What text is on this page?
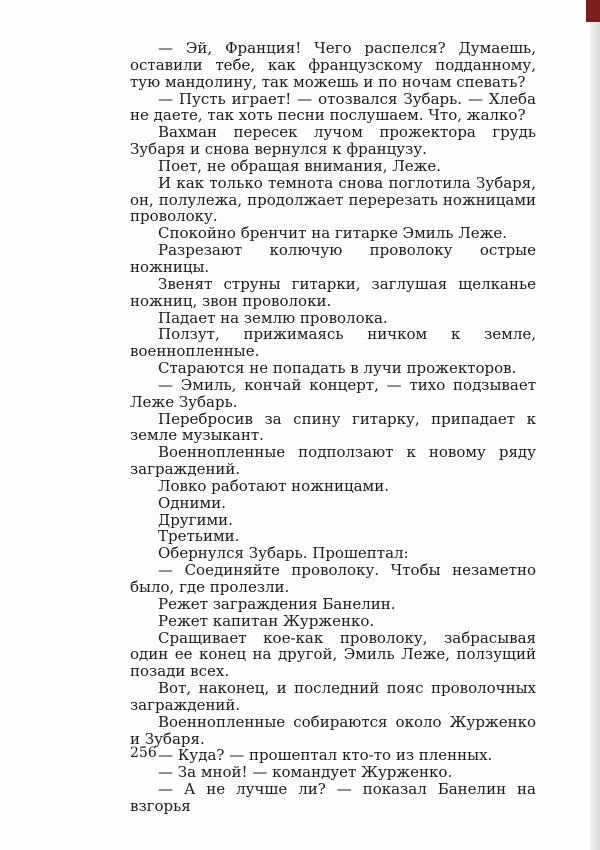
— Эй, Франция! Чего распелся? Думаешь, оставили тебе, как французскому подданному, тую мандолину, так можешь и по ночам спевать?

— Пусть играет! — отозвался Зубарь. — Хлеба не даете, так хоть песни послушаем. Что, жалко?

Вахман пересек лучом прожектора грудь Зубаря и снова вернулся к французу.

Поет, не обращая внимания, Леже.

И как только темнота снова поглотила Зубаря, он, полулежа, продолжает перерезать ножницами проволоку.

Спокойно бренчит на гитарке Эмиль Леже.

Разрезают колючую проволоку острые ножницы.

Звенят струны гитарки, заглушая щелканье ножниц, звон проволоки.

Падает на землю проволока.

Ползут, прижимаясь ничком к земле, военнопленные.

Стараются не попадать в лучи прожекторов.

— Эмиль, кончай концерт, — тихо подзывает Леже Зубарь.

Перебросив за спину гитарку, припадает к земле музыкант.

Военнопленные подползают к новому ряду заграждений.

Ловко работают ножницами.

Одними.

Другими.

Третьими.

Обернулся Зубарь. Прошептал:

— Соединяйте проволоку. Чтобы незаметно было, где пролезли.

Режет заграждения Банелин.

Режет капитан Журженко.

Сращивает кое-как проволоку, забрасывая один ее конец на другой, Эмиль Леже, ползущий позади всех.

Вот, наконец, и последний пояс проволочных заграждений.

Военнопленные собираются около Журженко и Зубаря.

— Куда? — прошептал кто-то из пленных.

— За мной! — командует Журженко.

— А не лучше ли? — показал Банелин на взгорья

256
